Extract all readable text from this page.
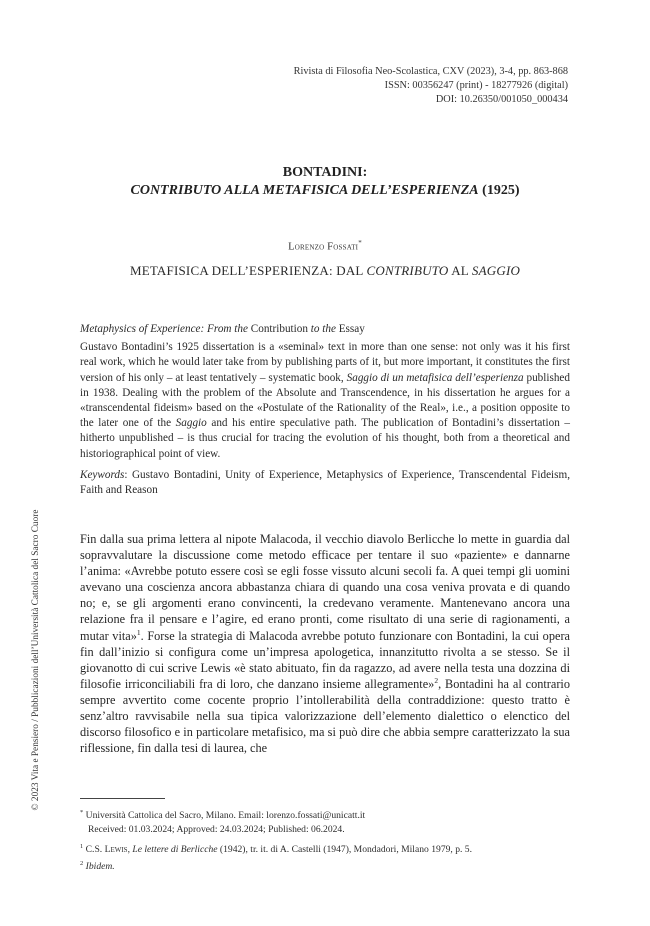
Rivista di Filosofia Neo-Scolastica, CXV (2023), 3-4, pp. 863-868
ISSN: 00356247 (print) - 18277926 (digital)
DOI: 10.26350/001050_000434
BONTADINI:
CONTRIBUTO ALLA METAFISICA DELL’ESPERIENZA (1925)
Lorenzo Fossati*
METAFISICA DELL’ESPERIENZA: DAL CONTRIBUTO AL SAGGIO

Metaphysics of Experience: From the Contribution to the Essay

Gustavo Bontadini’s 1925 dissertation is a «seminal» text in more than one sense: not only was it his first real work, which he would later take from by publishing parts of it, but more important, it constitutes the first version of his only – at least tentatively – systematic book, Saggio di un metafisica dell’esperienza published in 1938. Dealing with the problem of the Absolute and Transcendence, in his dissertation he argues for a «transcendental fideism» based on the «Postulate of the Rationality of the Real», i.e., a position opposite to the later one of the Saggio and his entire speculative path. The publication of Bontadini’s dissertation – hitherto unpublished – is thus crucial for tracing the evolution of his thought, both from a theoretical and historiographical point of view.

Keywords: Gustavo Bontadini, Unity of Experience, Metaphysics of Experience, Transcendental Fideism, Faith and Reason

Fin dalla sua prima lettera al nipote Malacoda, il vecchio diavolo Berlicche lo mette in guardia dal sopravvalutare la discussione come metodo efficace per tentare il suo «paziente» e dannarne l’anima: «Avrebbe potuto essere così se egli fosse vissuto alcuni secoli fa. A quei tempi gli uomini avevano una coscienza ancora abbastanza chiara di quando una cosa veniva provata e di quando no; e, se gli argomenti erano convincenti, la credevano veramente. Mantenevano ancora una relazione fra il pensare e l’agire, ed erano pronti, come risultato di una serie di ragionamenti, a mutar vita»$^1$. Forse la strategia di Malacoda avrebbe potuto funzionare con Bontadini, la cui opera fin dall’inizio si configura come un’impresa apologetica, innanzitutto rivolta a se stesso. Se il giovanotto di cui scrive Lewis «è stato abituato, fin da ragazzo, ad avere nella testa una dozzina di filosofie irriconciliabili fra di loro, che danzano insieme allegramente»$^2$, Bontadini ha al contrario sempre avvertito come cocente proprio l’intollerabilità della contraddizione: questo tratto è senz’altro ravvisabile nella sua tipica valorizzazione dell’elemento dialettico o elenctico del discorso filosofico e in particolare metafisico, ma si può dire che abbia sempre caratterizzato la sua riflessione, fin dalla tesi di laurea, che

* Università Cattolica del Sacro, Milano. Email: lorenzo.fossati@unicatt.it
Received: 01.03.2024; Approved: 24.03.2024; Published: 06.2024.
$^1$ C.S. Lewis, Le lettere di Berlicche (1942), tr. it. di A. Castelli (1947), Mondadori, Milano 1979, p. 5.
$^2$ Ibidem.
© 2023 Vita e Pensiero / Pubblicazioni dell’Università Cattolica del Sacro Cuore
